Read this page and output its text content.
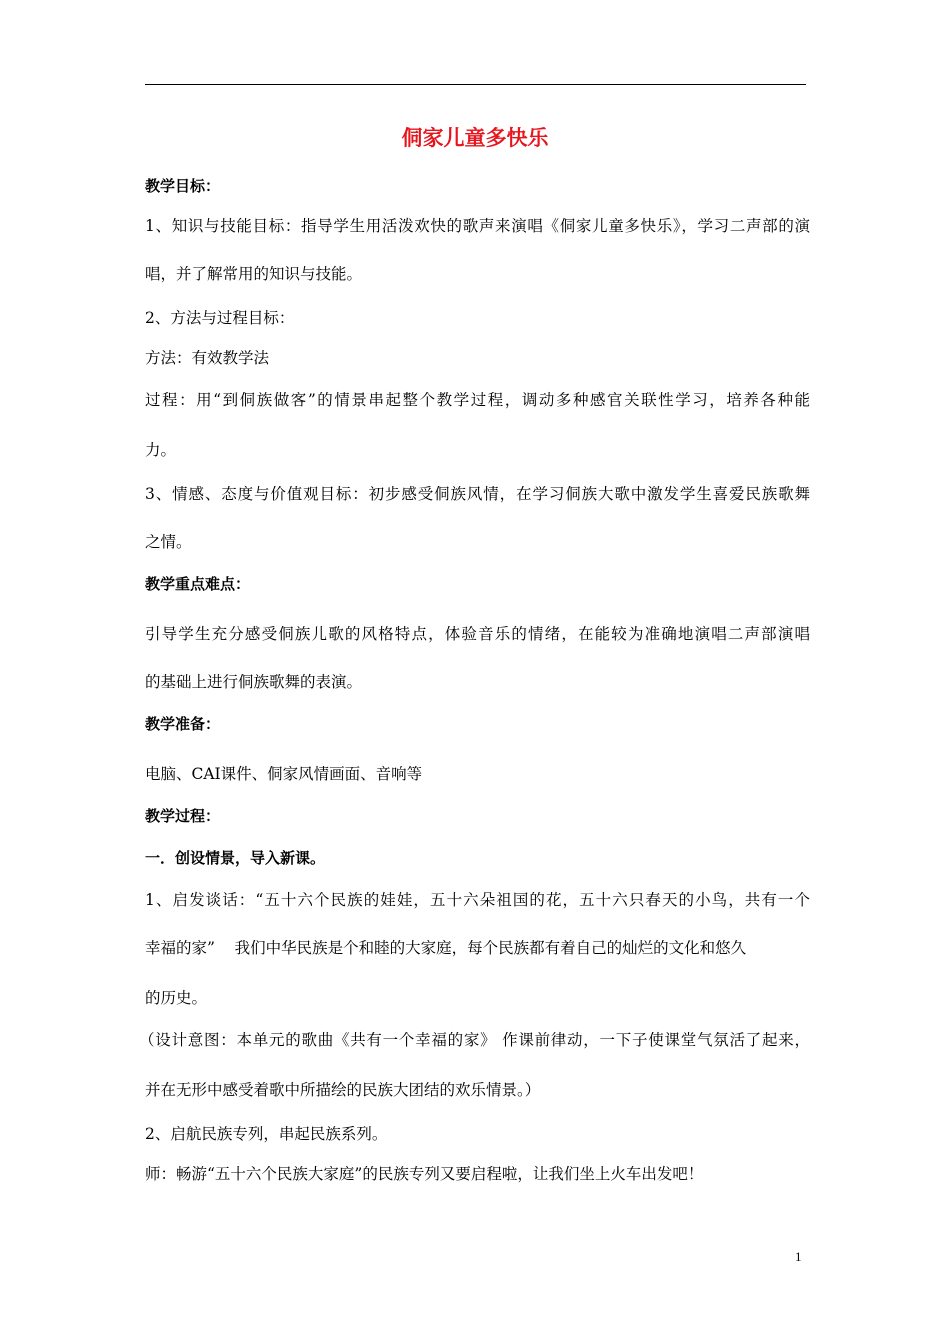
侗家儿童多快乐
教学目标：
1、知识与技能目标：指导学生用活泼欢快的歌声来演唱《侗家儿童多快乐》，学习二声部的演
唱，并了解常用的知识与技能。
2、方法与过程目标：
方法：有效教学法
过程：用“到侗族做客”的情景串起整个教学过程，调动多种感官关联性学习，培养各种能
力。
3、情感、态度与价值观目标：初步感受侗族风情，在学习侗族大歌中激发学生喜爱民族歌舞
之情。
教学重点难点：
引导学生充分感受侗族儿歌的风格特点，体验音乐的情绪，在能较为准确地演唱二声部演唱
的基础上进行侗族歌舞的表演。
教学准备：
电脑、CAI课件、侗家风情画面、音响等
教学过程：
一．创设情景，导入新课。
1、启发谈话：“五十六个民族的娃娃，五十六朵祖国的花，五十六只春天的小鸟，共有一个
幸福的家”    我们中华民族是个和睦的大家庭，每个民族都有着自己的灿烂的文化和悠久
的历史。
（设计意图：本单元的歌曲《共有一个幸福的家》 作课前律动，一下子使课堂气氛活了起来，
并在无形中感受着歌中所描绘的民族大团结的欢乐情景。）
2、启航民族专列，串起民族系列。
师：畅游“五十六个民族大家庭”的民族专列又要启程啦，让我们坐上火车出发吧！
1
